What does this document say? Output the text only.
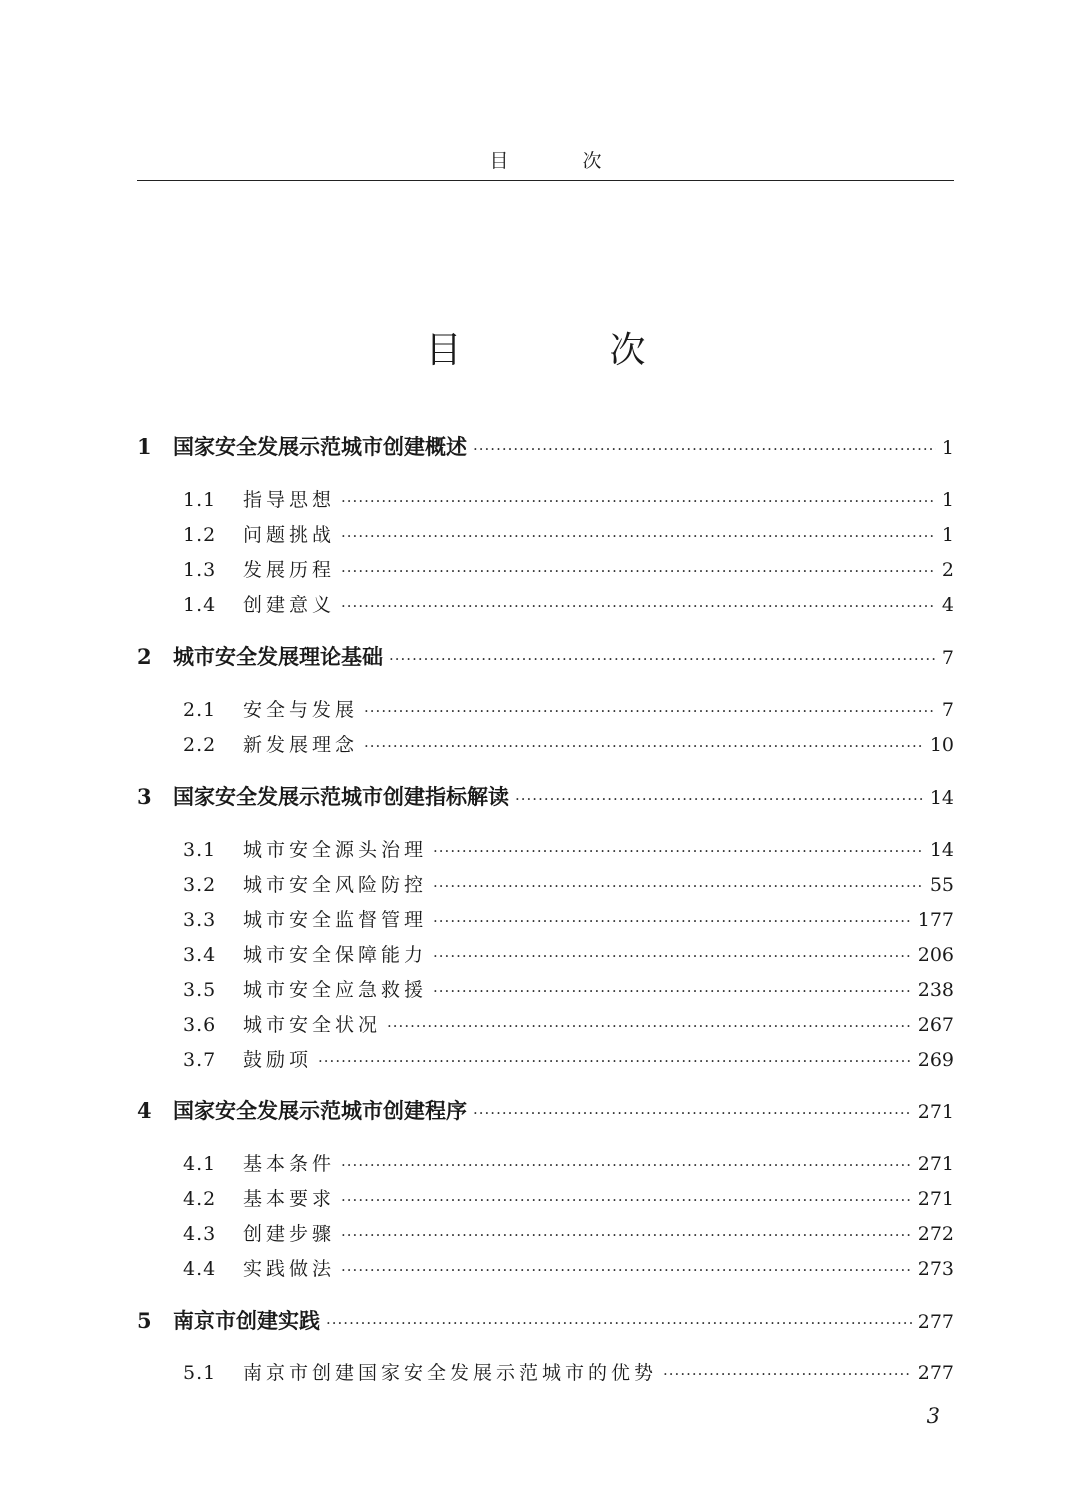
目	次
目	次
1	国家安全发展示范城市创建概述 ·····	1
1.1	指导思想 ·····	1
1.2	问题挑战 ·····	1
1.3	发展历程 ·····	2
1.4	创建意义 ·····	4
2	城市安全发展理论基础 ·····	7
2.1	安全与发展 ·····	7
2.2	新发展理念 ·····	10
3	国家安全发展示范城市创建指标解读 ·····	14
3.1	城市安全源头治理 ·····	14
3.2	城市安全风险防控 ·····	55
3.3	城市安全监督管理 ·····	177
3.4	城市安全保障能力 ·····	206
3.5	城市安全应急救援 ·····	238
3.6	城市安全状况 ·····	267
3.7	鼓励项 ·····	269
4	国家安全发展示范城市创建程序 ·····	271
4.1	基本条件 ·····	271
4.2	基本要求 ·····	271
4.3	创建步骤 ·····	272
4.4	实践做法 ·····	273
5	南京市创建实践 ·····	277
5.1	南京市创建国家安全发展示范城市的优势 ·····	277
3
